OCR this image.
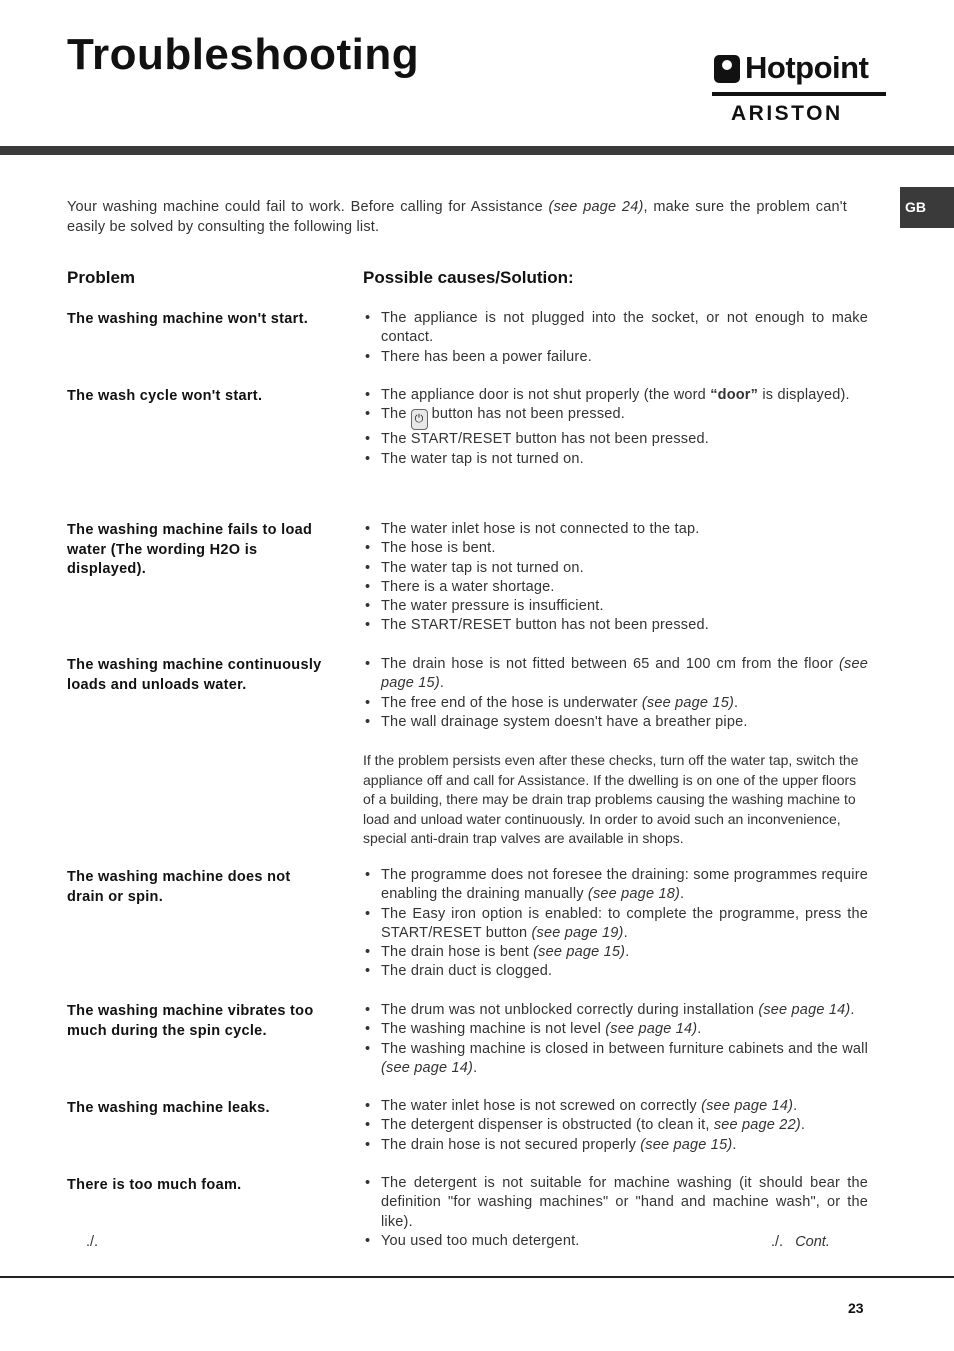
Troubleshooting	Hotpoint
ARISTON
GB
Your washing machine could fail to work. Before calling for Assistance (see page 24), make sure the problem can't easily be solved by consulting the following list.
Problem	Possible causes/Solution:
The washing machine won't start.	• The appliance is not plugged into the socket, or not enough to make contact.
• There has been a power failure.
The wash cycle won't start.	• The appliance door is not shut properly (the word “door” is displayed).
• The ⏻ button has not been pressed.
• The START/RESET button has not been pressed.
• The water tap is not turned on.
The washing machine fails to load water (The wording H2O is displayed).
• The water inlet hose is not connected to the tap.
• The hose is bent.
• The water tap is not turned on.
• There is a water shortage.
• The water pressure is insufficient.
• The START/RESET button has not been pressed.
The washing machine continuously loads and unloads water.
• The drain hose is not fitted between 65 and 100 cm from the floor (see page 15).
• The free end of the hose is underwater (see page 15).
• The wall drainage system doesn't have a breather pipe.
If the problem persists even after these checks, turn off the water tap, switch the appliance off and call for Assistance. If the dwelling is on one of the upper floors of a building, there may be drain trap problems causing the washing machine to load and unload water continuously. In order to avoid such an inconvenience, special anti-drain trap valves are available in shops.
The washing machine does not drain or spin.
• The programme does not foresee the draining: some programmes require enabling the draining manually (see page 18).
• The Easy iron option is enabled: to complete the programme, press the START/RESET button (see page 19).
• The drain hose is bent (see page 15).
• The drain duct is clogged.
The washing machine vibrates too much during the spin cycle.
• The drum was not unblocked correctly during installation (see page 14).
• The washing machine is not level (see page 14).
• The washing machine is closed in between furniture cabinets and the wall (see page 14).
The washing machine leaks.	• The water inlet hose is not screwed on correctly (see page 14).
• The detergent dispenser is obstructed (to clean it, see page 22).
• The drain hose is not secured properly (see page 15).
There is too much foam.	• The detergent is not suitable for machine washing (it should bear the definition "for washing machines" or "hand and machine wash", or the like).
• You used too much detergent.
./.	./. Cont.
23
